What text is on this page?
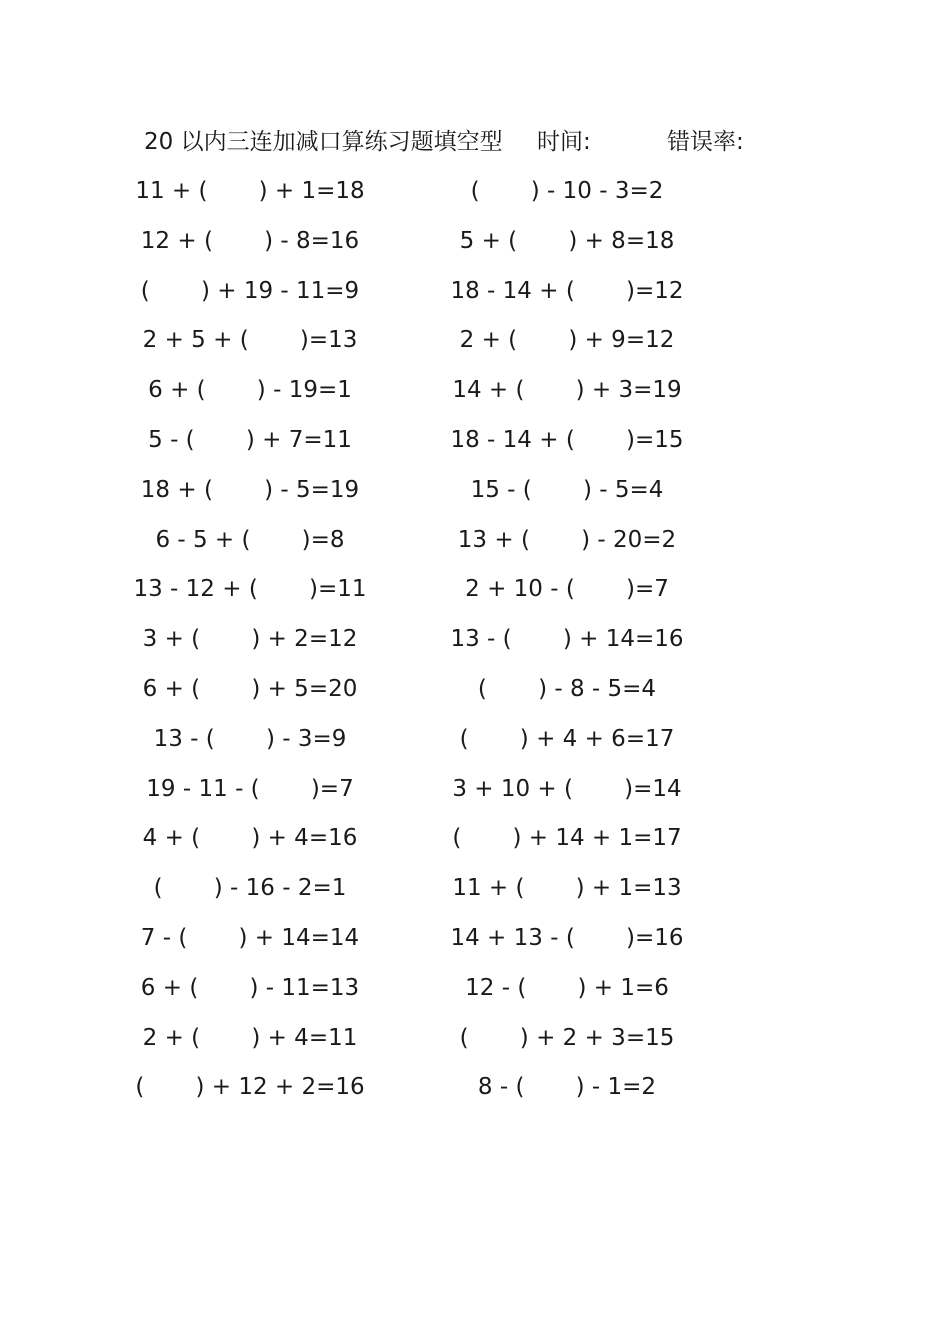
20 以内三连加减口算练习题填空型 时间:	错误率:
11 + (       ) + 1=18
12 + (       ) - 8=16
(       ) + 19 - 11=9
2 + 5 + (       )=13
6 + (       ) - 19=1
5 - (       ) + 7=11
18 + (       ) - 5=19
6 - 5 + (       )=8
13 - 12 + (       )=11
3 + (       ) + 2=12
6 + (       ) + 5=20
13 - (       ) - 3=9
19 - 11 - (       )=7
4 + (       ) + 4=16
(       ) - 16 - 2=1
7 - (       ) + 14=14
6 + (       ) - 11=13
2 + (       ) + 4=11
(       ) + 12 + 2=16
(       ) - 10 - 3=2
5 + (       ) + 8=18
18 - 14 + (       )=12
2 + (       ) + 9=12
14 + (       ) + 3=19
18 - 14 + (       )=15
15 - (       ) - 5=4
13 + (       ) - 20=2
2 + 10 - (       )=7
13 - (       ) + 14=16
(       ) - 8 - 5=4
(       ) + 4 + 6=17
3 + 10 + (       )=14
(       ) + 14 + 1=17
11 + (       ) + 1=13
14 + 13 - (       )=16
12 - (       ) + 1=6
(       ) + 2 + 3=15
8 - (       ) - 1=2
